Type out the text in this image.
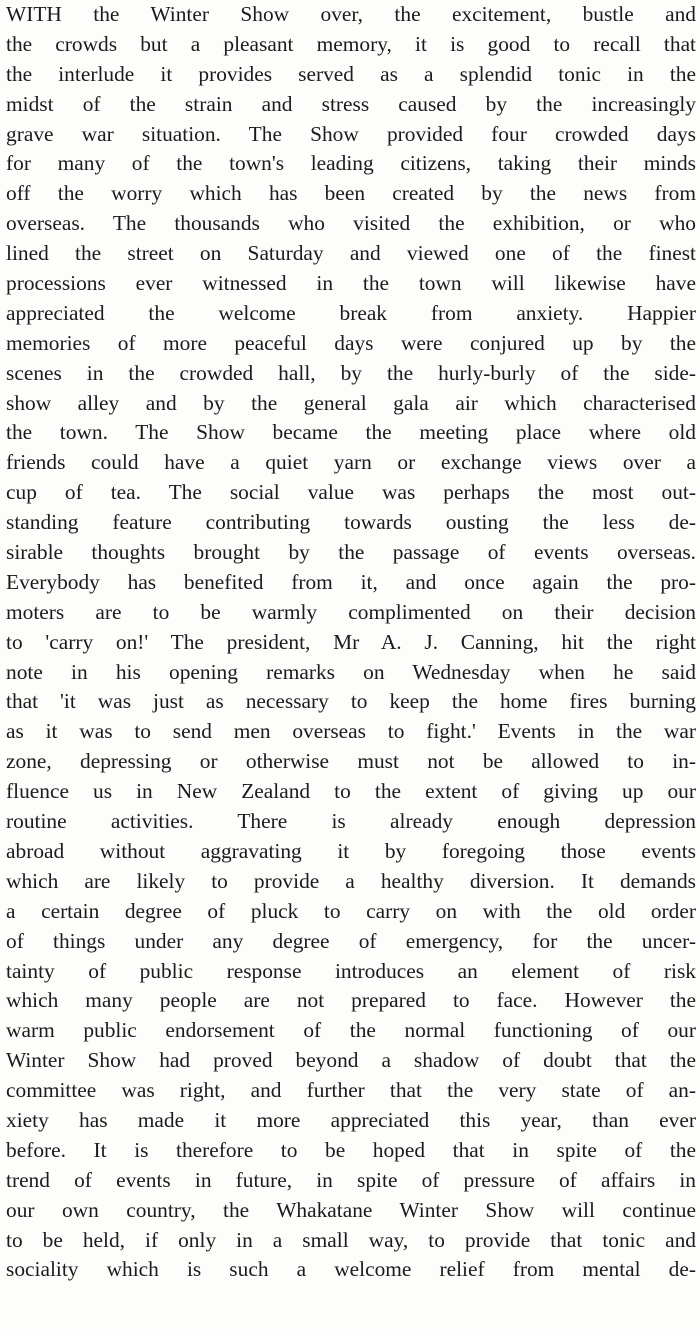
WITH the Winter Show over, the excitement, bustle and
the crowds but a pleasant memory, it is good to recall that
the interlude it provides served as a splendid tonic in the
midst of the strain and stress caused by the increasingly
grave war situation. The Show provided four crowded days
for many of the town's leading citizens, taking their minds
off the worry which has been created by the news from
overseas. The thousands who visited the exhibition, or who
lined the street on Saturday and viewed one of the finest
processions ever witnessed in the town will likewise have
appreciated the welcome break from anxiety. Happier
memories of more peaceful days were conjured up by the
scenes in the crowded hall, by the hurly-burly of the side-
show alley and by the general gala air which characterised
the town. The Show became the meeting place where old
friends could have a quiet yarn or exchange views over a
cup of tea. The social value was perhaps the most out-
standing feature contributing towards ousting the less de-
sirable thoughts brought by the passage of events overseas.
Everybody has benefited from it, and once again the pro-
moters are to be warmly complimented on their decision
to 'carry on!' The president, Mr A. J. Canning, hit the right
note in his opening remarks on Wednesday when he said
that 'it was just as necessary to keep the home fires burning
as it was to send men overseas to fight.' Events in the war
zone, depressing or otherwise must not be allowed to in-
fluence us in New Zealand to the extent of giving up our
routine activities. There is already enough depression
abroad without aggravating it by foregoing those events
which are likely to provide a healthy diversion. It demands
a certain degree of pluck to carry on with the old order
of things under any degree of emergency, for the uncer-
tainty of public response introduces an element of risk
which many people are not prepared to face. However the
warm public endorsement of the normal functioning of our
Winter Show had proved beyond a shadow of doubt that the
committee was right, and further that the very state of an-
xiety has made it more appreciated this year, than ever
before. It is therefore to be hoped that in spite of the
trend of events in future, in spite of pressure of affairs in
our own country, the Whakatane Winter Show will continue
to be held, if only in a small way, to provide that tonic and
sociality which is such a welcome relief from mental de-
